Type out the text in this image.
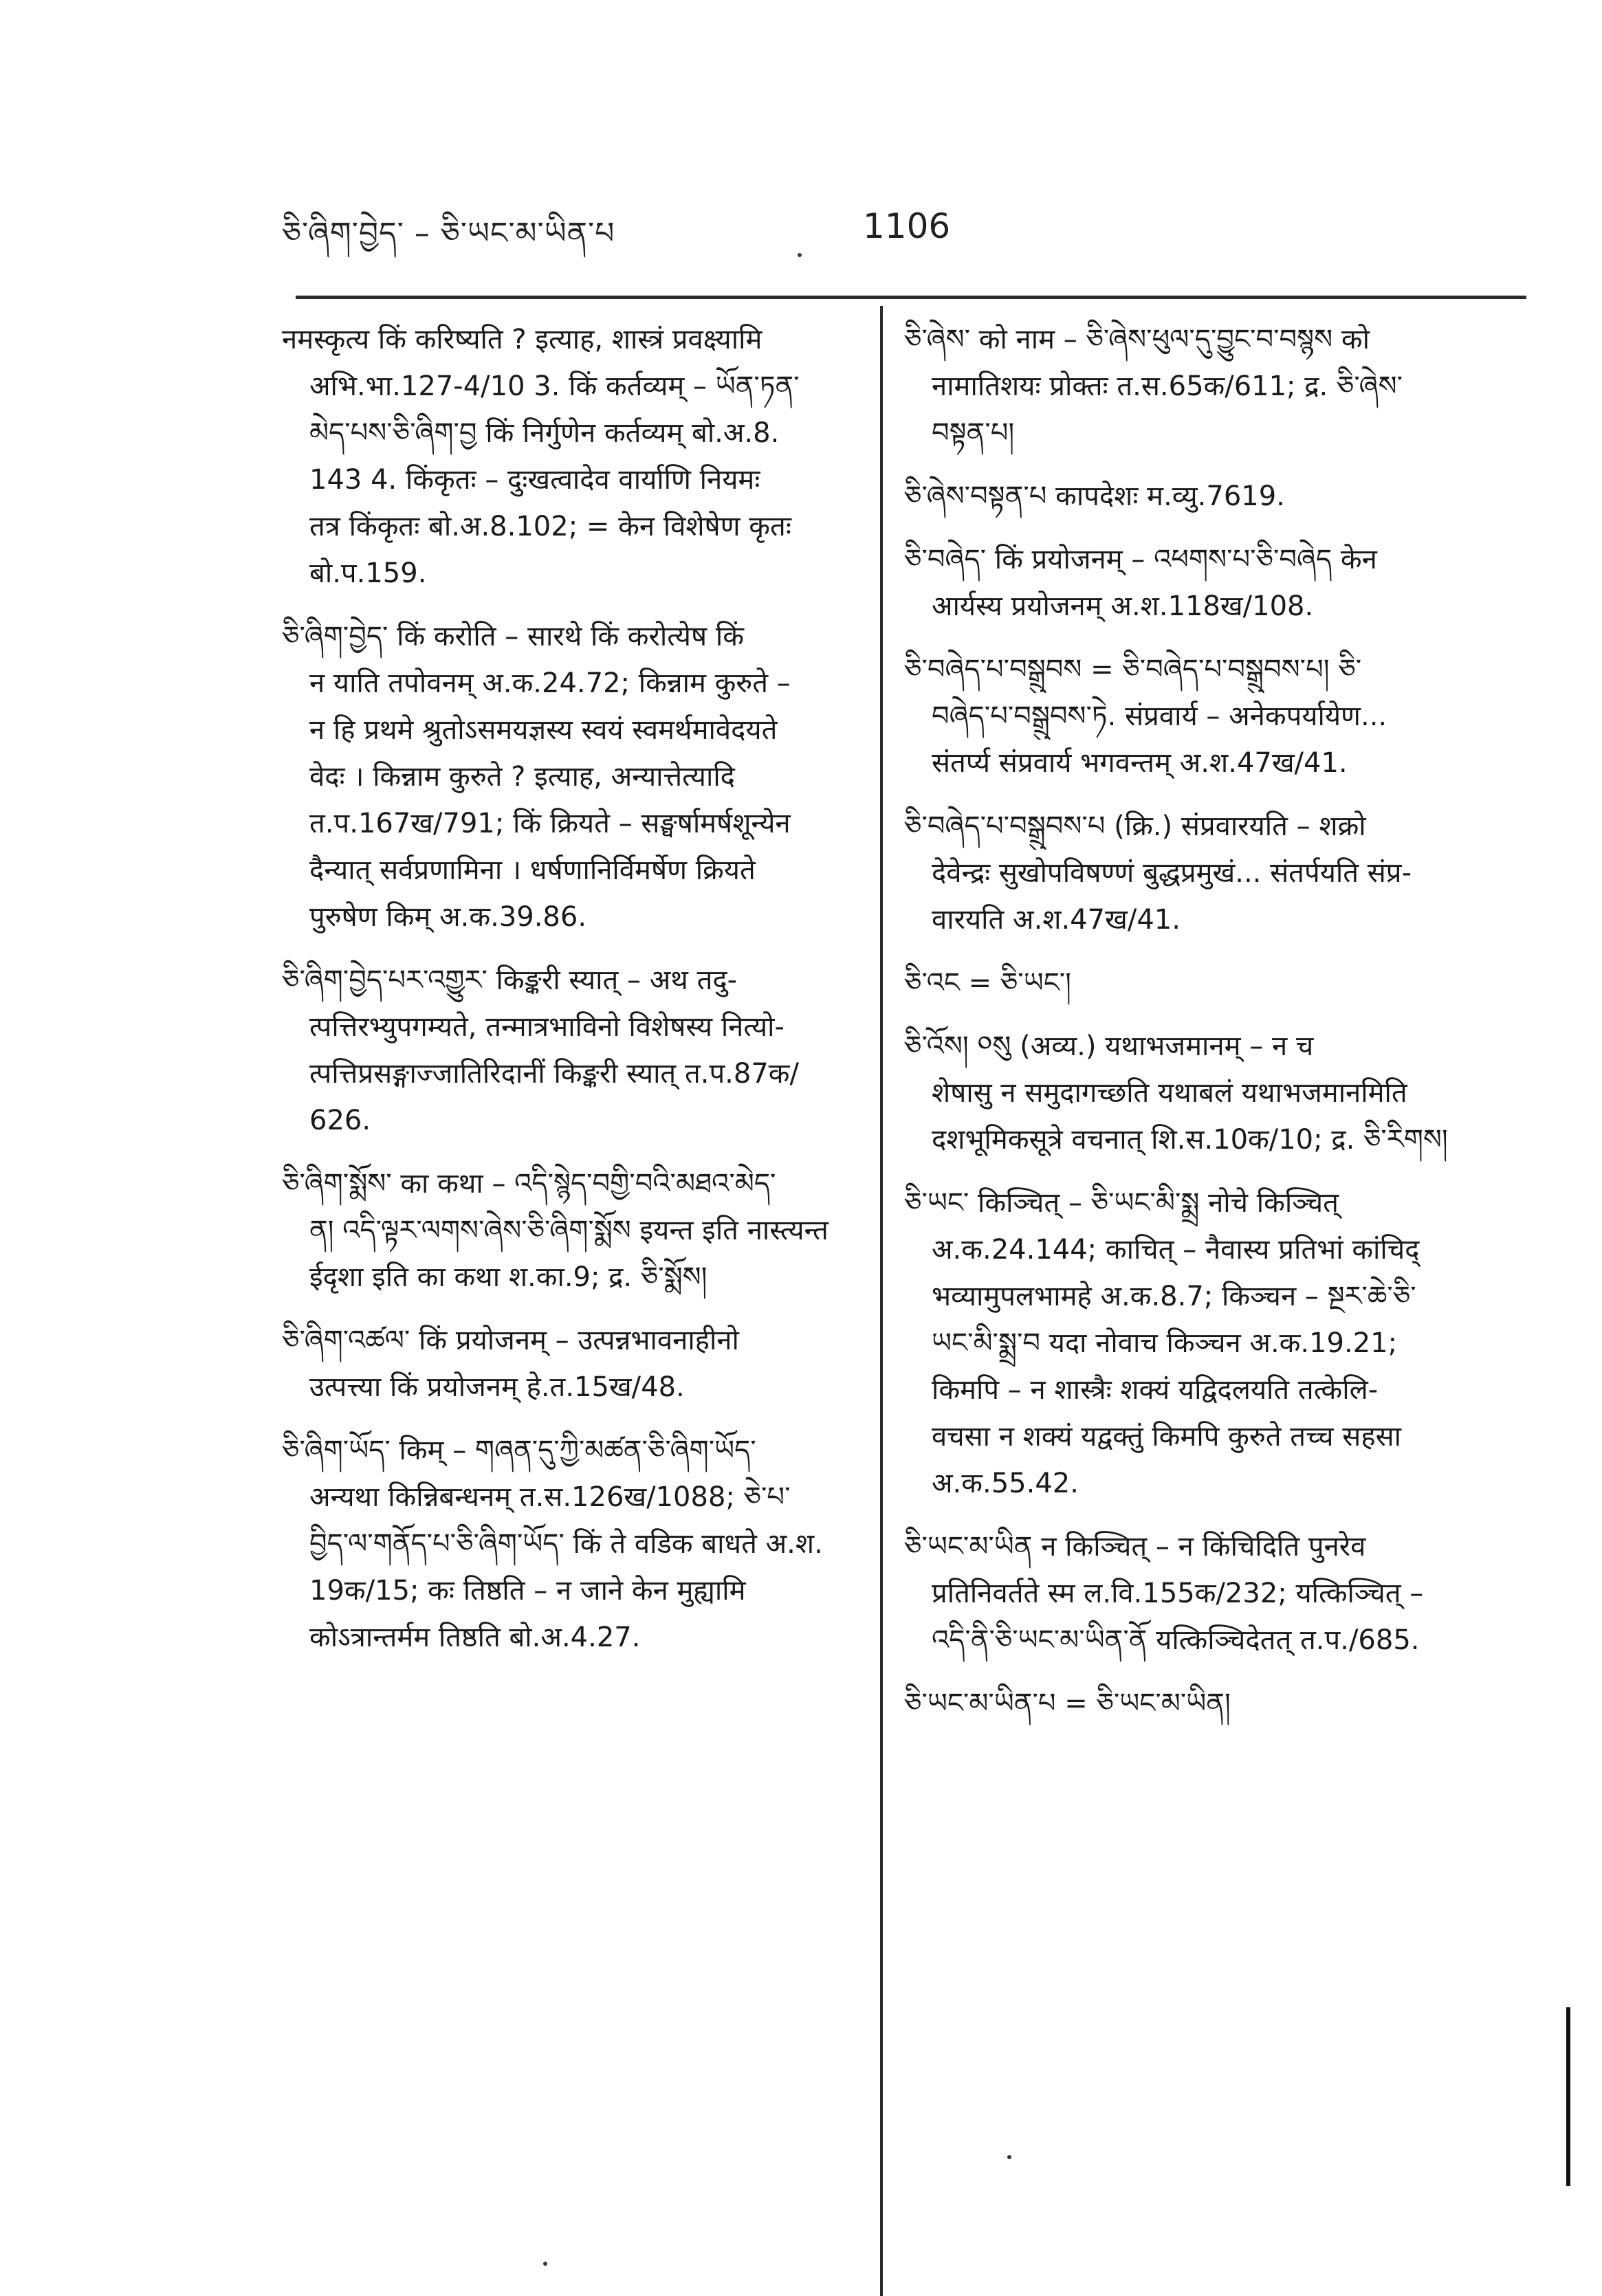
ཅི་ཞིག་བྱེད་ – ཅི་ཡང་མ་ཡིན་པ	1106
नमस्कृत्य किं करिष्यति ? इत्याह, शास्त्रं प्रवक्ष्यामि
अभि.भा.127-4/10 3. किं कर्तव्यम् – ཡོན་ཏན་
མེད་པས་ཅི་ཞིག་བྱ किं निर्गुणेन कर्तव्यम् बो.अ.8.
143 4. किंकृतः – दुःखत्वादेव वार्याणि नियमः
तत्र किंकृतः बो.अ.8.102; = केन विशेषेण कृतः
बो.प.159.
ཅི་ཞིག་བྱེད་ किं करोति – सारथे किं करोत्येष किं
न याति तपोवनम् अ.क.24.72; किन्नाम कुरुते –
न हि प्रथमे श्रुतोऽसमयज्ञस्य स्वयं स्वमर्थमावेदयते
वेदः । किन्नाम कुरुते ? इत्याह, अन्यात्तेत्यादि
त.प.167ख/791; किं क्रियते – सङ्घर्षामर्षशून्येन
दैन्यात् सर्वप्रणामिना । धर्षणानिर्विमर्षेण क्रियते
पुरुषेण किम् अ.क.39.86.
ཅི་ཞིག་བྱེད་པར་འགྱུར་ किङ्करी स्यात् – अथ तदु-
त्पत्तिरभ्युपगम्यते, तन्मात्रभाविनो विशेषस्य नित्यो-
त्पत्तिप्रसङ्गाज्जातिरिदानीं किङ्करी स्यात् त.प.87क/
626.
ཅི་ཞིག་སྨོས་ का कथा – འདི་སྙེད་བགྱི་བའི་མཐའ་མེད་
ན། འདི་ལྟར་ལགས་ཞེས་ཅི་ཞིག་སྨོས इयन्त इति नास्त्यन्त
ईदृशा इति का कथा श.का.9; द्र. ཅི་སྨོས།
ཅི་ཞིག་འཚལ་ किं प्रयोजनम् – उत्पन्नभावनाहीनो
उत्पत्त्या किं प्रयोजनम् हे.त.15ख/48.
ཅི་ཞིག་ཡོད་ किम् – གཞན་དུ་ཀྱི་མཚན་ཅི་ཞིག་ཡོད་
अन्यथा किन्निबन्धनम् त.स.126ख/1088; ཅེ་པ་
བྱིད་ལ་གནོད་པ་ཅི་ཞིག་ཡོད་ किं ते वडिक बाधते अ.श.
19क/15; कः तिष्ठति – न जाने केन मुह्यामि
कोऽत्रान्तर्मम तिष्ठति बो.अ.4.27.
ཅི་ཞེས་ को नाम – ཅི་ཞེས་ཕུལ་དུ་བྱུང་བ་བསྙས को
नामातिशयः प्रोक्तः त.स.65क/611; द्र. ཅི་ཞེས་
བསྟན་པ།
ཅི་ཞེས་བསྟན་པ कापदेशः म.व्यु.7619.
ཅི་བཞེད་ किं प्रयोजनम् – འཕགས་པ་ཅི་བཞེད केन
आर्यस्य प्रयोजनम् अ.श.118ख/108.
ཅི་བཞེད་པ་བསྒྲུབས = ཅི་བཞེད་པ་བསྒྲུབས་པ། ཅི་
བཞེད་པ་བསྒྲུབས་ཏེ. संप्रवार्य – अनेकपर्यायेण...
संतर्प्य संप्रवार्य भगवन्तम् अ.श.47ख/41.
ཅི་བཞེད་པ་བསྒྲུབས་པ (क्रि.) संप्रवारयति – शक्रो
देवेन्द्रः सुखोपविषण्णं बुद्धप्रमुखं... संतर्पयति संप्र-
वारयति अ.श.47ख/41.
ཅི་འང = ཅི་ཡང་།
ཅི་འོས། ༠སུ (अव्य.) यथाभजमानम् – न च
शेषासु न समुदागच्छति यथाबलं यथाभजमानमिति
दशभूमिकसूत्रे वचनात् शि.स.10क/10; द्र. ཅི་རིགས།
ཅི་ཡང་ किञ्चित् – ཅི་ཡང་མི་སྨྲ नोचे किञ्चित्
अ.क.24.144; काचित् – नैवास्य प्रतिभां कांचिद्
भव्यामुपलभामहे अ.क.8.7; किञ्चन – སྔར་ཆེ་ཅི་
ཡང་མི་སྨྲ་བ यदा नोवाच किञ्चन अ.क.19.21;
किमपि – न शास्त्रैः शक्यं यद्विदलयति तत्केलि-
वचसा न शक्यं यद्वक्तुं किमपि कुरुते तच्च सहसा
अ.क.55.42.
ཅི་ཡང་མ་ཡིན न किञ्चित् – न किंचिदिति पुनरेव
प्रतिनिवर्तते स्म ल.वि.155क/232; यत्किञ्चित् –
འདི་ནི་ཅི་ཡང་མ་ཡིན་ནོ यत्किञ्चिदेतत् त.प./685.
ཅི་ཡང་མ་ཡིན་པ = ཅི་ཡང་མ་ཡིན།
